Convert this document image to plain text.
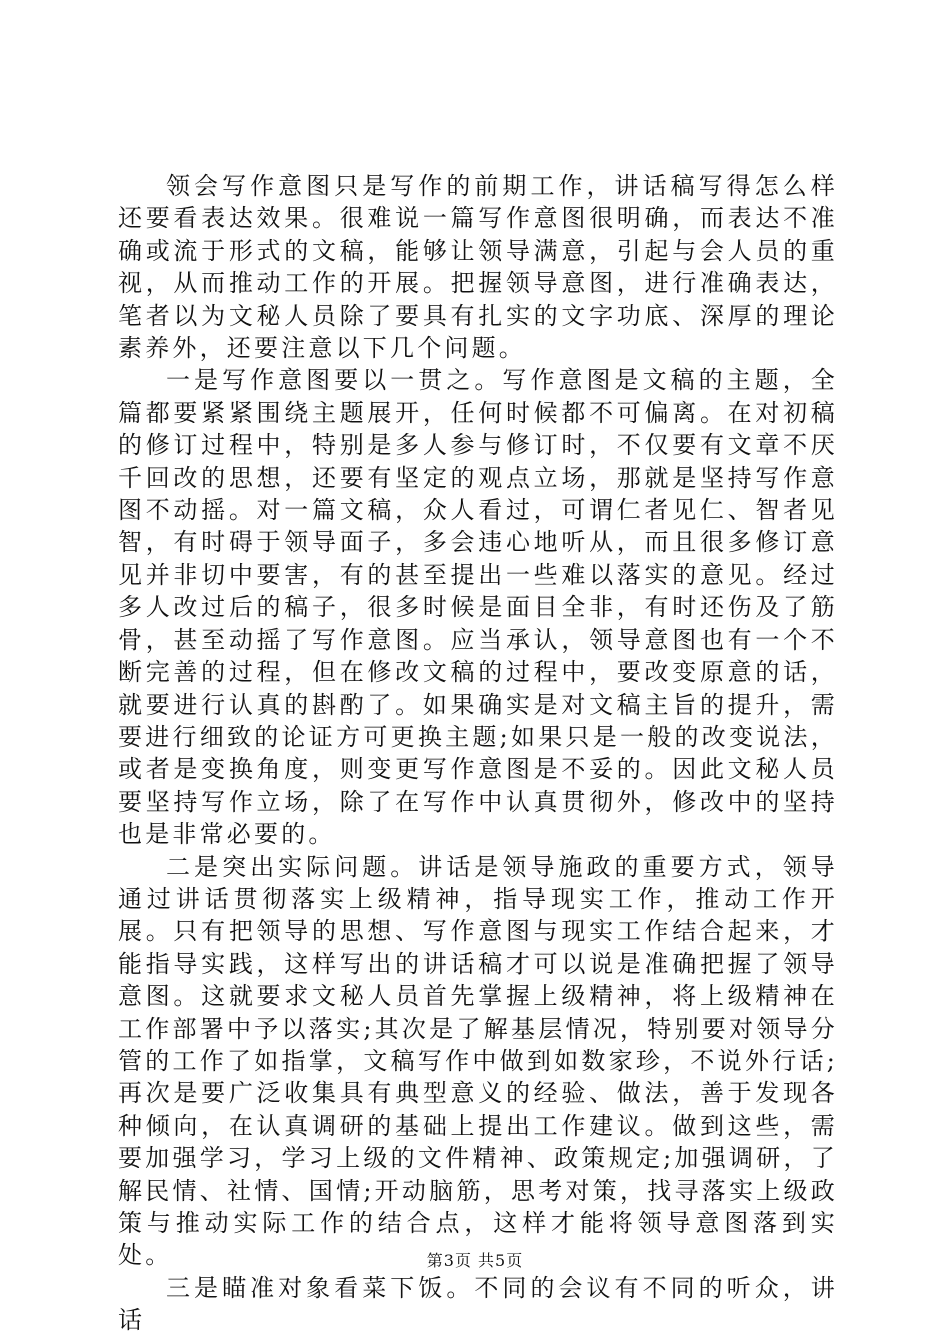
领会写作意图只是写作的前期工作，讲话稿写得怎么样还要看表达效果。很难说一篇写作意图很明确，而表达不准确或流于形式的文稿，能够让领导满意，引起与会人员的重视，从而推动工作的开展。把握领导意图，进行准确表达，笔者以为文秘人员除了要具有扎实的文字功底、深厚的理论素养外，还要注意以下几个问题。

一是写作意图要以一贯之。写作意图是文稿的主题，全篇都要紧紧围绕主题展开，任何时候都不可偏离。在对初稿的修订过程中，特别是多人参与修订时，不仅要有文章不厌千回改的思想，还要有坚定的观点立场，那就是坚持写作意图不动摇。对一篇文稿，众人看过，可谓仁者见仁、智者见智，有时碍于领导面子，多会违心地听从，而且很多修订意见并非切中要害，有的甚至提出一些难以落实的意见。经过多人改过后的稿子，很多时候是面目全非，有时还伤及了筋骨，甚至动摇了写作意图。应当承认，领导意图也有一个不断完善的过程，但在修改文稿的过程中，要改变原意的话，就要进行认真的斟酌了。如果确实是对文稿主旨的提升，需要进行细致的论证方可更换主题;如果只是一般的改变说法，或者是变换角度，则变更写作意图是不妥的。因此文秘人员要坚持写作立场，除了在写作中认真贯彻外，修改中的坚持也是非常必要的。

二是突出实际问题。讲话是领导施政的重要方式，领导通过讲话贯彻落实上级精神，指导现实工作，推动工作开展。只有把领导的思想、写作意图与现实工作结合起来，才能指导实践，这样写出的讲话稿才可以说是准确把握了领导意图。这就要求文秘人员首先掌握上级精神，将上级精神在工作部署中予以落实;其次是了解基层情况，特别要对领导分管的工作了如指掌，文稿写作中做到如数家珍，不说外行话;再次是要广泛收集具有典型意义的经验、做法，善于发现各种倾向，在认真调研的基础上提出工作建议。做到这些，需要加强学习，学习上级的文件精神、政策规定;加强调研，了解民情、社情、国情;开动脑筋，思考对策，找寻落实上级政策与推动实际工作的结合点，这样才能将领导意图落到实处。

三是瞄准对象看菜下饭。不同的会议有不同的听众，讲话

第3页 共5页
